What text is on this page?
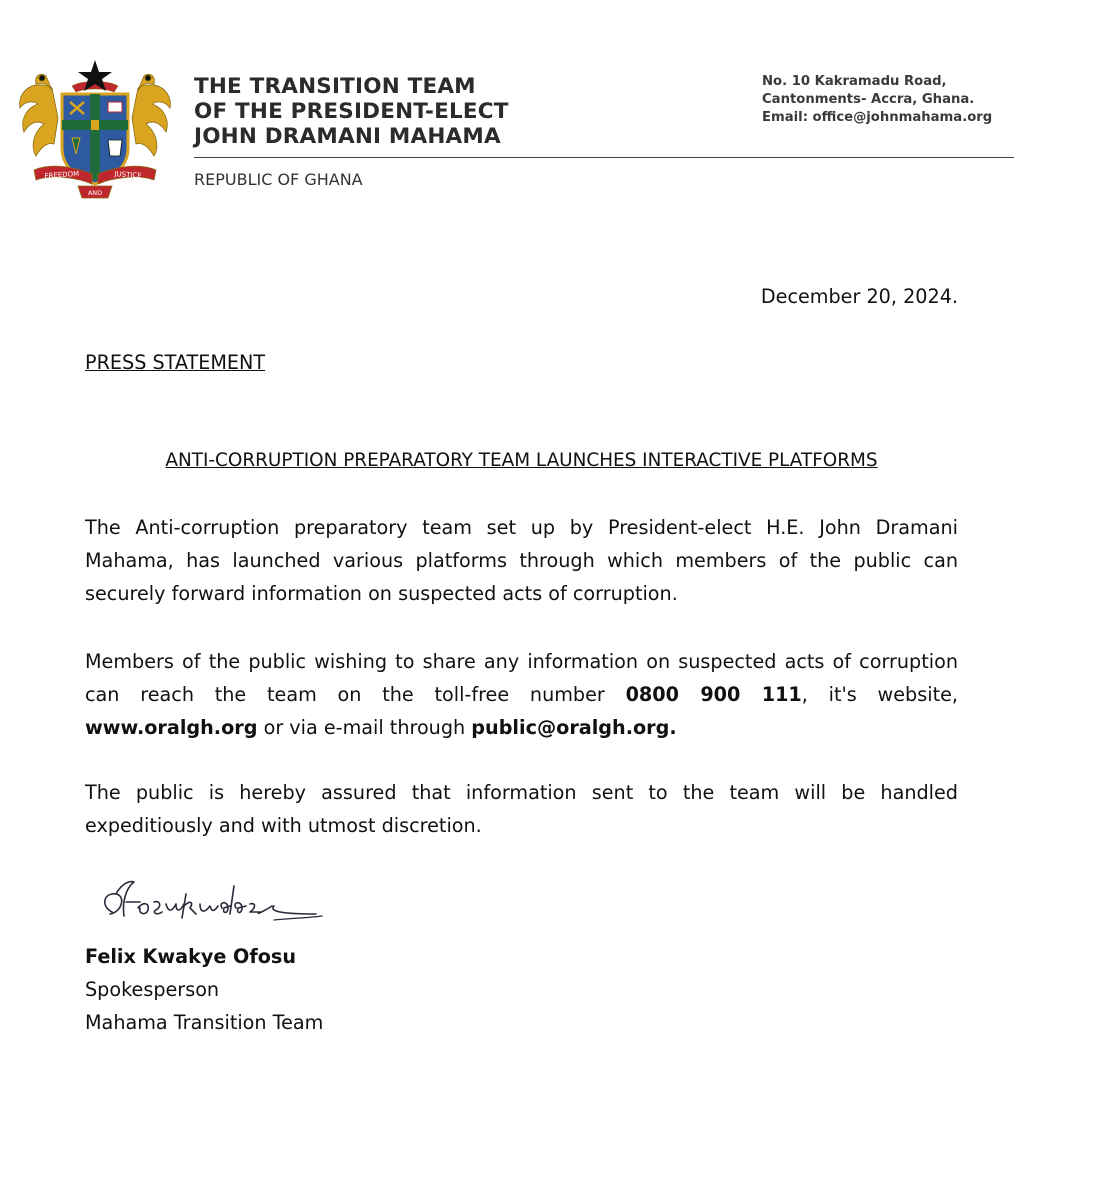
FREEDOM	JUSTICE
AND
THE TRANSITION TEAM
OF THE PRESIDENT-ELECT
JOHN DRAMANI MAHAMA
No. 10 Kakramadu Road,
Cantonments- Accra, Ghana.
Email: office@johnmahama.org
REPUBLIC OF GHANA
December 20, 2024.
PRESS STATEMENT
ANTI-CORRUPTION PREPARATORY TEAM LAUNCHES INTERACTIVE PLATFORMS
The Anti-corruption preparatory team set up by President-elect H.E. John Dramani Mahama, has launched various platforms through which members of the public can securely forward information on suspected acts of corruption.
Members of the public wishing to share any information on suspected acts of corruption can reach the team on the toll-free number 0800 900 111, it's website, www.oralgh.org or via e-mail through public@oralgh.org.
The public is hereby assured that information sent to the team will be handled expeditiously and with utmost discretion.
Felix Kwakye Ofosu
Spokesperson
Mahama Transition Team
